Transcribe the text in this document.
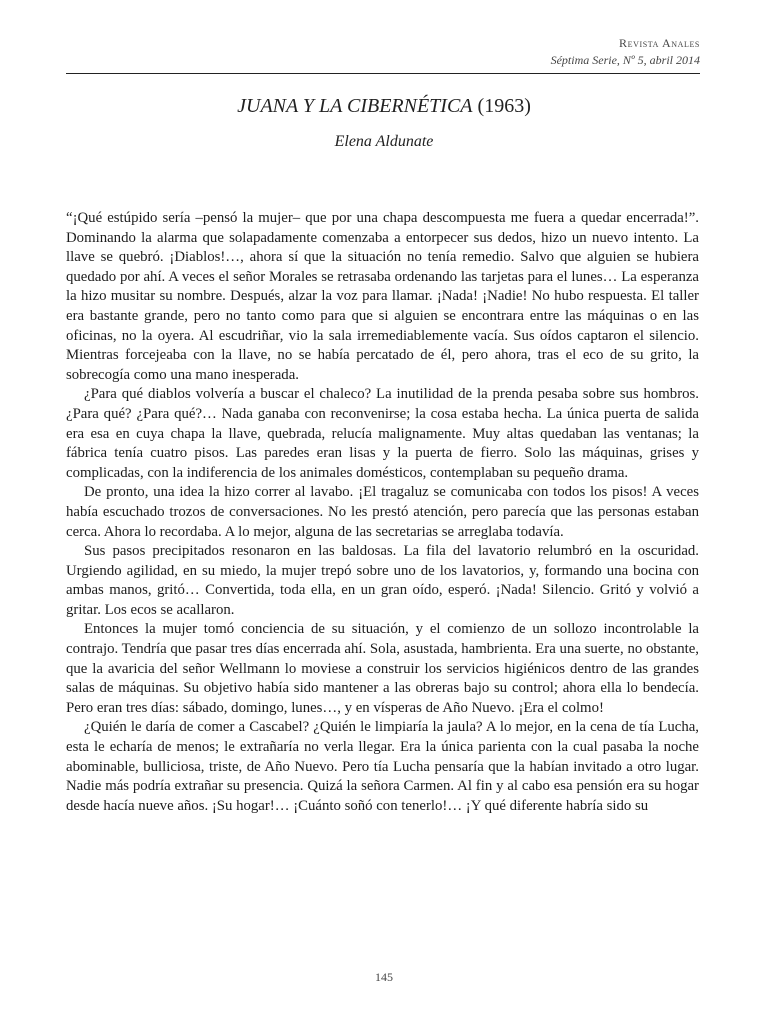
Revista Anales
Séptima Serie, Nº 5, abril 2014
JUANA Y LA CIBERNÉTICA (1963)
Elena Aldunate

“¡Qué estúpido sería –pensó la mujer– que por una chapa descompuesta me fuera a quedar encerrada!”. Dominando la alarma que solapadamente comenzaba a entorpecer sus dedos, hizo un nuevo intento. La llave se quebró. ¡Diablos!…, ahora sí que la situación no tenía remedio. Salvo que alguien se hubiera quedado por ahí. A veces el señor Morales se retrasaba ordenando las tarjetas para el lunes… La esperanza la hizo musitar su nombre. Después, alzar la voz para llamar. ¡Nada! ¡Nadie! No hubo respuesta. El taller era bastante grande, pero no tanto como para que si alguien se encontrara entre las máquinas o en las oficinas, no la oyera. Al escudriñar, vio la sala irremediablemente vacía. Sus oídos captaron el silencio. Mientras forcejeaba con la llave, no se había percatado de él, pero ahora, tras el eco de su grito, la sobrecogía como una mano inesperada.

¿Para qué diablos volvería a buscar el chaleco? La inutilidad de la prenda pesaba sobre sus hombros. ¿Para qué? ¿Para qué?… Nada ganaba con reconvenirse; la cosa estaba hecha. La única puerta de salida era esa en cuya chapa la llave, quebrada, relucía malignamente. Muy altas quedaban las ventanas; la fábrica tenía cuatro pisos. Las paredes eran lisas y la puerta de fierro. Solo las máquinas, grises y complicadas, con la indiferencia de los animales domésticos, contemplaban su pequeño drama.

De pronto, una idea la hizo correr al lavabo. ¡El tragaluz se comunicaba con todos los pisos! A veces había escuchado trozos de conversaciones. No les prestó atención, pero parecía que las personas estaban cerca. Ahora lo recordaba. A lo mejor, alguna de las secretarias se arreglaba todavía.

Sus pasos precipitados resonaron en las baldosas. La fila del lavatorio relumbró en la oscuridad. Urgiendo agilidad, en su miedo, la mujer trepó sobre uno de los lavatorios, y, formando una bocina con ambas manos, gritó… Convertida, toda ella, en un gran oído, esperó. ¡Nada! Silencio. Gritó y volvió a gritar. Los ecos se acallaron.

Entonces la mujer tomó conciencia de su situación, y el comienzo de un sollozo incontrolable la contrajo. Tendría que pasar tres días encerrada ahí. Sola, asustada, hambrienta. Era una suerte, no obstante, que la avaricia del señor Wellmann lo moviese a construir los servicios higiénicos dentro de las grandes salas de máquinas. Su objetivo había sido mantener a las obreras bajo su control; ahora ella lo bendecía. Pero eran tres días: sábado, domingo, lunes…, y en vísperas de Año Nuevo. ¡Era el colmo!

¿Quién le daría de comer a Cascabel? ¿Quién le limpiaría la jaula? A lo mejor, en la cena de tía Lucha, esta le echaría de menos; le extrañaría no verla llegar. Era la única parienta con la cual pasaba la noche abominable, bulliciosa, triste, de Año Nuevo. Pero tía Lucha pensaría que la habían invitado a otro lugar. Nadie más podría extrañar su presencia. Quizá la señora Carmen. Al fin y al cabo esa pensión era su hogar desde hacía nueve años. ¡Su hogar!… ¡Cuánto soñó con tenerlo!… ¡Y qué diferente habría sido su

145
